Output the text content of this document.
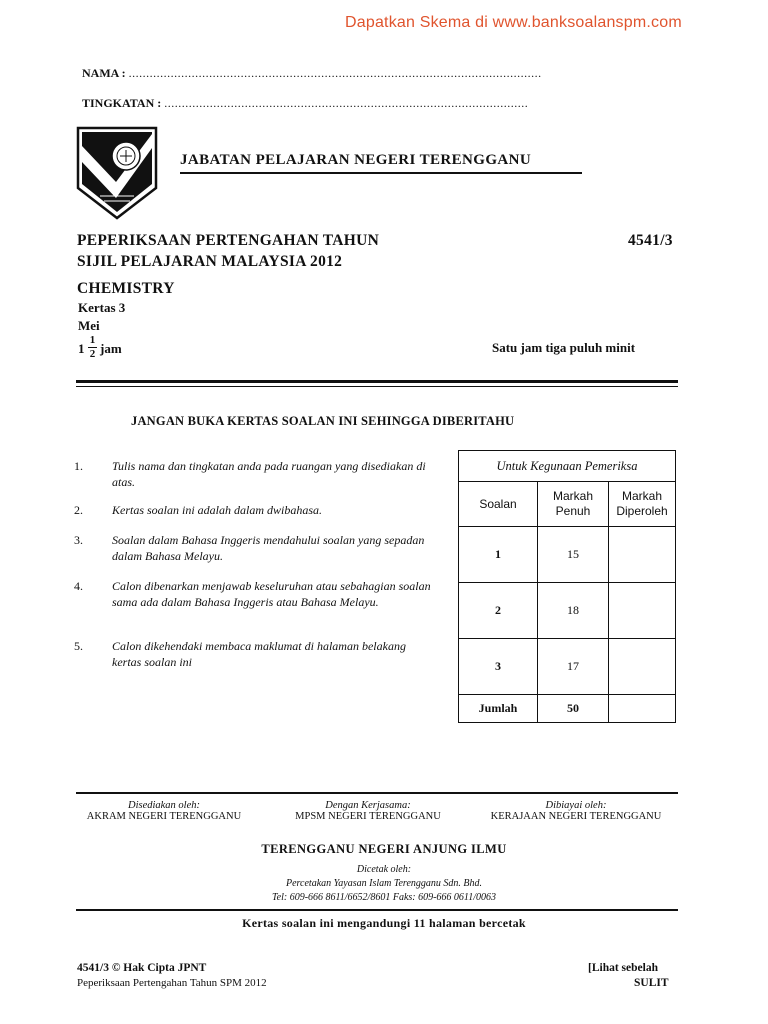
Dapatkan Skema di www.banksoalanspm.com
NAMA : ......................................................................................................................
TINGKATAN : ........................................................................................................
JABATAN PELAJARAN NEGERI TERENGGANU
PEPERIKSAAN PERTENGAHAN TAHUN	4541/3
SIJIL PELAJARAN MALAYSIA 2012
CHEMISTRY
Kertas 3
Mei
1
1
2 jam	Satu jam tiga puluh minit
JANGAN BUKA KERTAS SOALAN INI SEHINGGA DIBERITAHU
1. Tulis nama dan tingkatan anda pada ruangan yang disediakan di atas.
2. Kertas soalan ini adalah dalam dwibahasa.
3. Soalan dalam Bahasa Inggeris mendahului soalan yang sepadan dalam Bahasa Melayu.
4. Calon dibenarkan menjawab keseluruhan atau sebahagian soalan sama ada dalam Bahasa Inggeris atau Bahasa Melayu.
5. Calon dikehendaki membaca maklumat di halaman belakang kertas soalan ini
Untuk Kegunaan Pemeriksa		
Soalan	Markah Penuh	Markah Diperoleh
1	15	
2	18	
3	17	
Jumlah	50	
Disediakan oleh:
AKRAM NEGERI TERENGGANU
Dengan Kerjasama:
MPSM NEGERI TERENGGANU
Dibiayai oleh:
KERAJAAN NEGERI TERENGGANU
TERENGGANU NEGERI ANJUNG ILMU
Dicetak oleh:
Percetakan Yayasan Islam Terengganu Sdn. Bhd.
Tel: 609-666 8611/6652/8601 Faks: 609-666 0611/0063
Kertas soalan ini mengandungi 11 halaman bercetak
4541/3 © Hak Cipta JPNT
Peperiksaan Pertengahan Tahun SPM 2012
[Lihat sebelah
SULIT
